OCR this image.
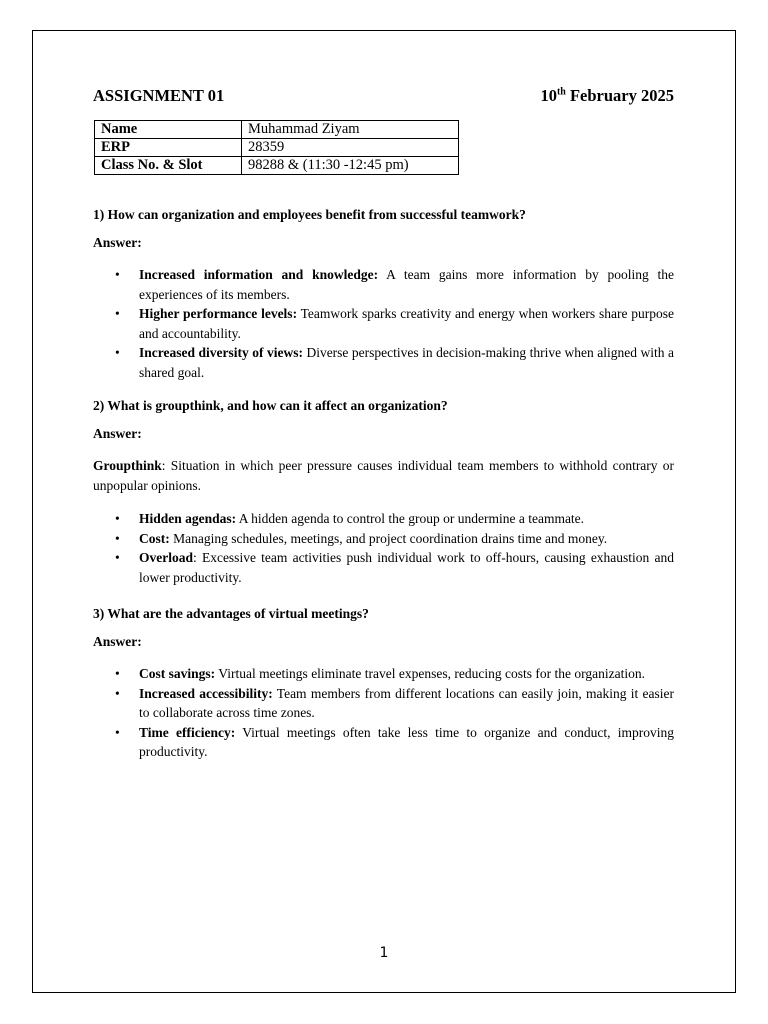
ASSIGNMENT 01	10th February 2025
Name	Muhammad Ziyam
ERP	28359
Class No. & Slot	98288 & (11:30 -12:45 pm)
1) How can organization and employees benefit from successful teamwork?
Answer:
• Increased information and knowledge: A team gains more information by pooling the experiences of its members.
• Higher performance levels: Teamwork sparks creativity and energy when workers share purpose and accountability.
• Increased diversity of views: Diverse perspectives in decision-making thrive when aligned with a shared goal.
2) What is groupthink, and how can it affect an organization?
Answer:
Groupthink: Situation in which peer pressure causes individual team members to withhold contrary or unpopular opinions.
• Hidden agendas: A hidden agenda to control the group or undermine a teammate.
• Cost: Managing schedules, meetings, and project coordination drains time and money.
• Overload: Excessive team activities push individual work to off-hours, causing exhaustion and lower productivity.
3) What are the advantages of virtual meetings?
Answer:
• Cost savings: Virtual meetings eliminate travel expenses, reducing costs for the organization.
• Increased accessibility: Team members from different locations can easily join, making it easier to collaborate across time zones.
• Time efficiency: Virtual meetings often take less time to organize and conduct, improving productivity.
1
